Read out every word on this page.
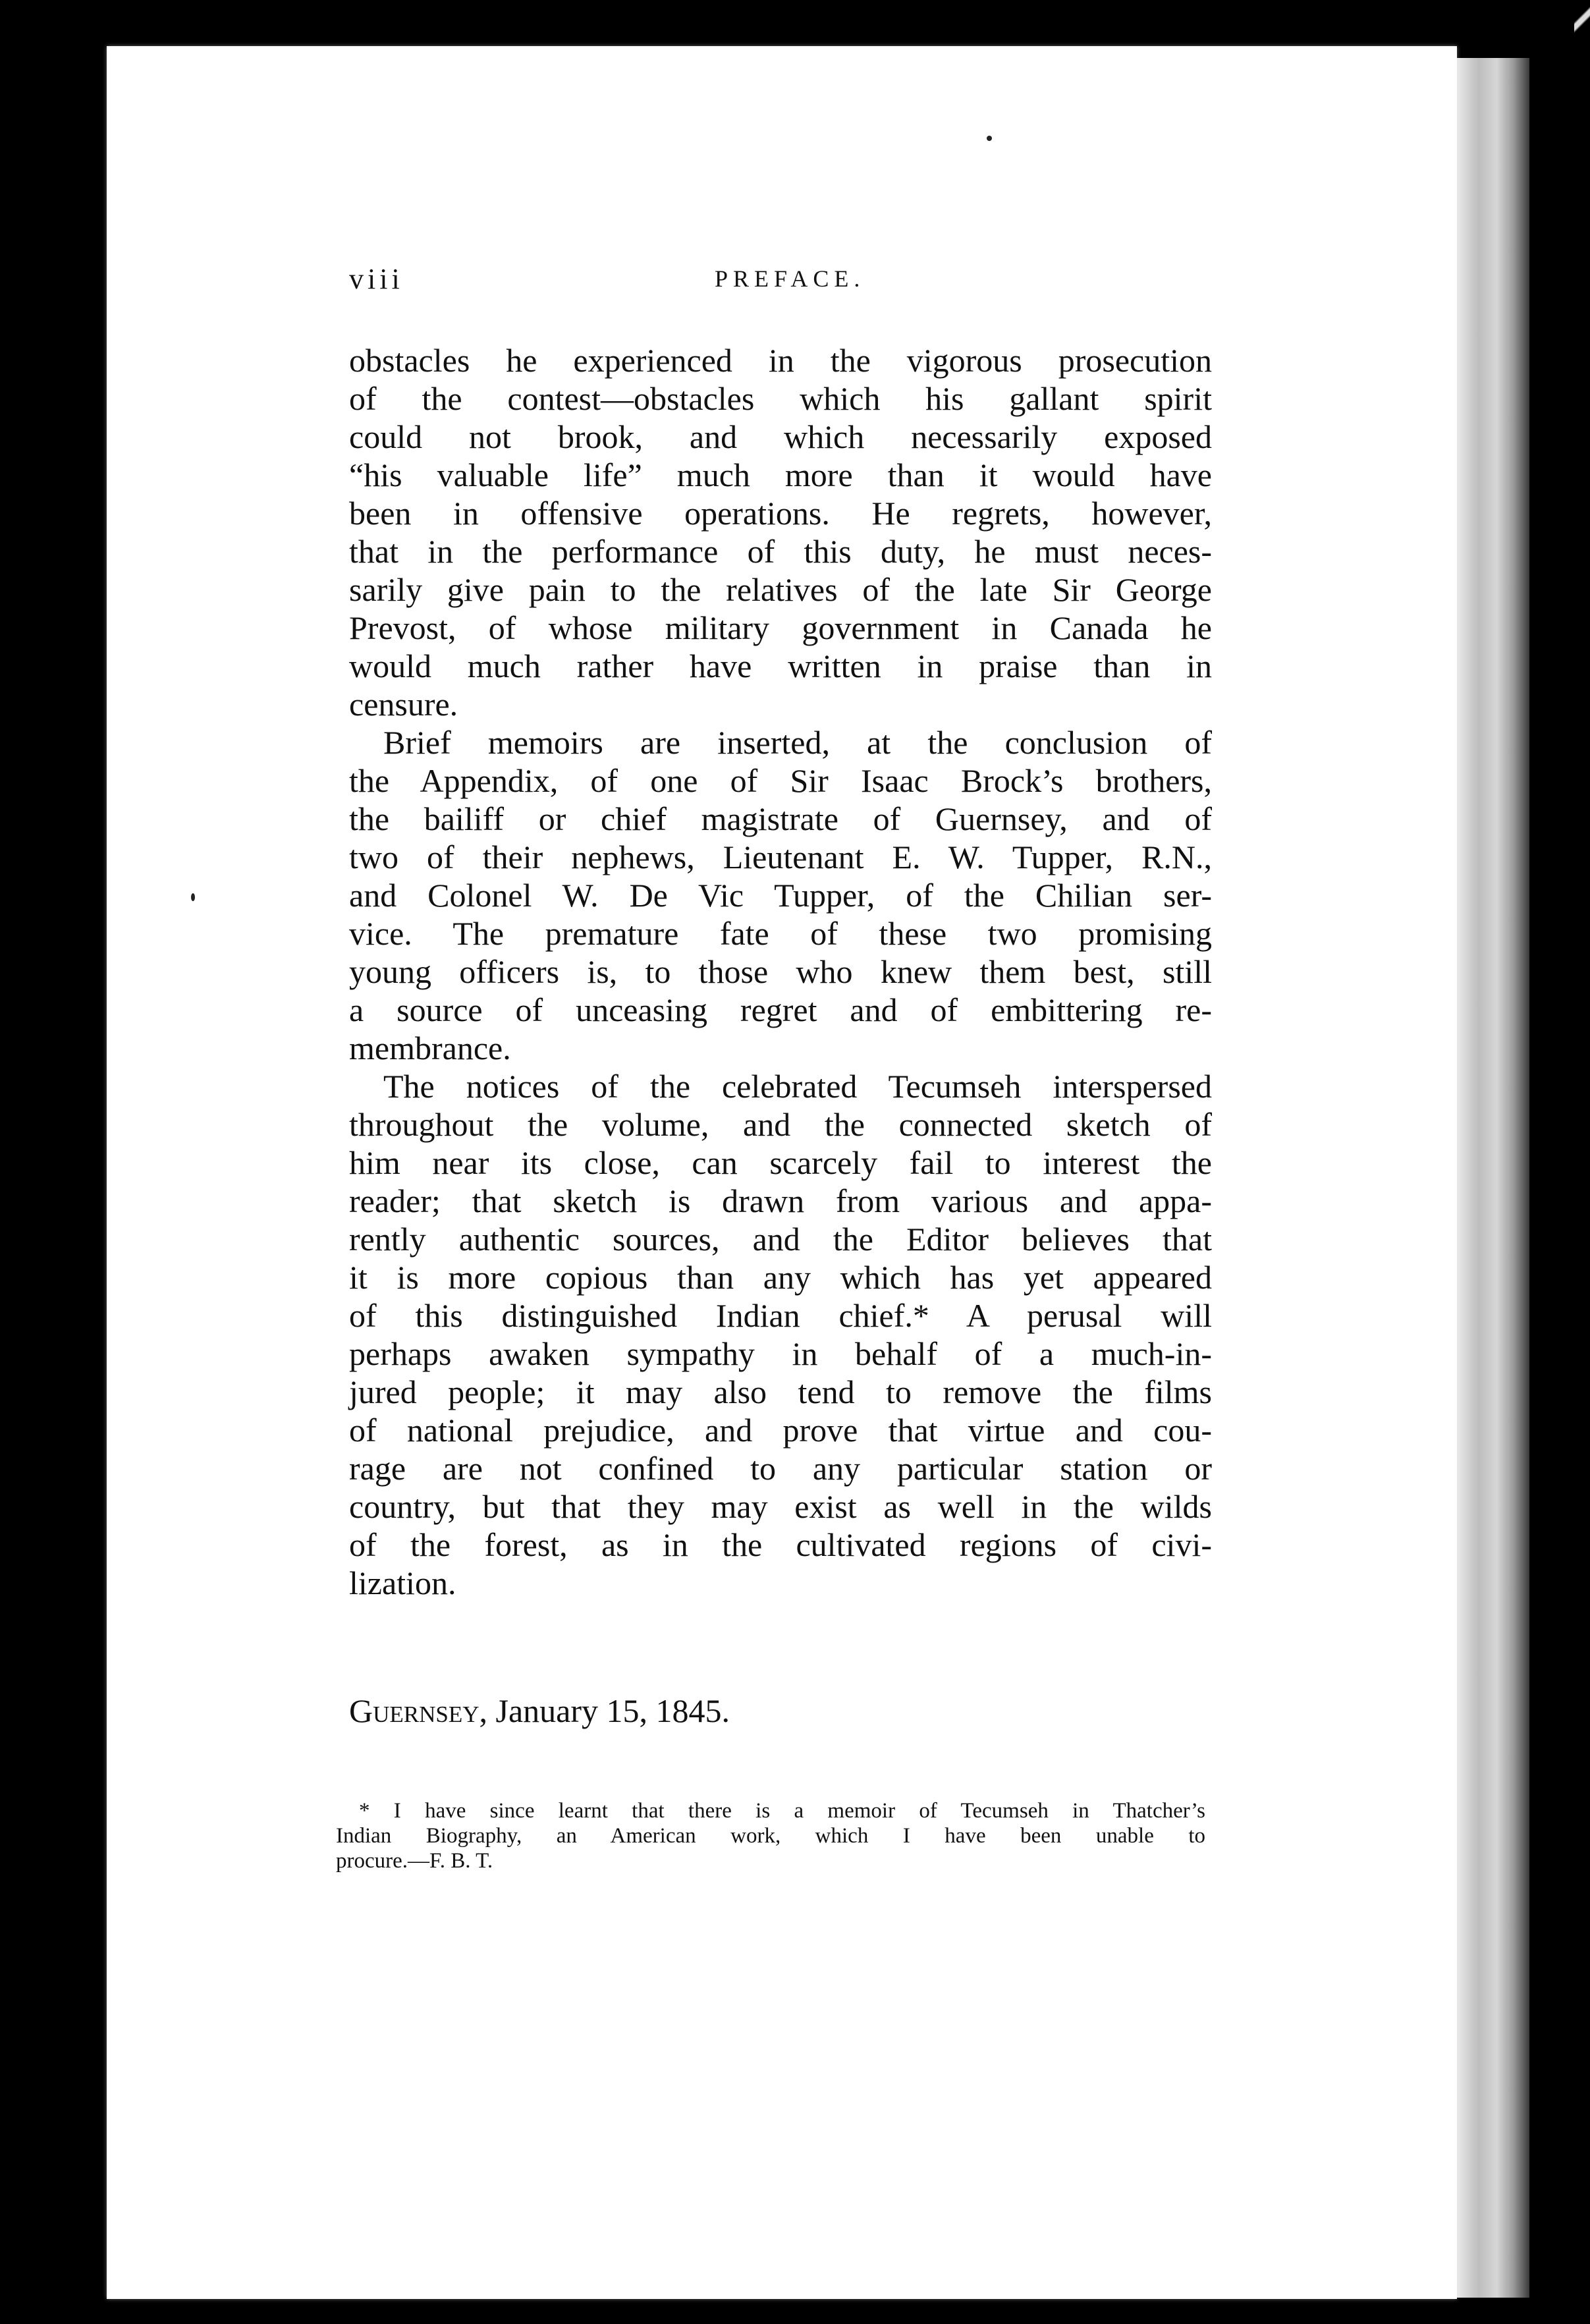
viii	PREFACE.
obstacles he experienced in the vigorous prosecution
of the contest—obstacles which his gallant spirit
could not brook, and which necessarily exposed
“his valuable life” much more than it would have
been in offensive operations. He regrets, however,
that in the performance of this duty, he must neces-
sarily give pain to the relatives of the late Sir George
Prevost, of whose military government in Canada he
would much rather have written in praise than in
censure.
Brief memoirs are inserted, at the conclusion of
the Appendix, of one of Sir Isaac Brock’s brothers,
the bailiff or chief magistrate of Guernsey, and of
two of their nephews, Lieutenant E. W. Tupper, R.N.,
and Colonel W. De Vic Tupper, of the Chilian ser-
vice. The premature fate of these two promising
young officers is, to those who knew them best, still
a source of unceasing regret and of embittering re-
membrance.
The notices of the celebrated Tecumseh interspersed
throughout the volume, and the connected sketch of
him near its close, can scarcely fail to interest the
reader; that sketch is drawn from various and appa-
rently authentic sources, and the Editor believes that
it is more copious than any which has yet appeared
of this distinguished Indian chief.* A perusal will
perhaps awaken sympathy in behalf of a much-in-
jured people; it may also tend to remove the films
of national prejudice, and prove that virtue and cou-
rage are not confined to any particular station or
country, but that they may exist as well in the wilds
of the forest, as in the cultivated regions of civi-
lization.
Guernsey, January 15, 1845.
* I have since learnt that there is a memoir of Tecumseh in Thatcher’s
Indian Biography, an American work, which I have been unable to
procure.—F. B. T.
